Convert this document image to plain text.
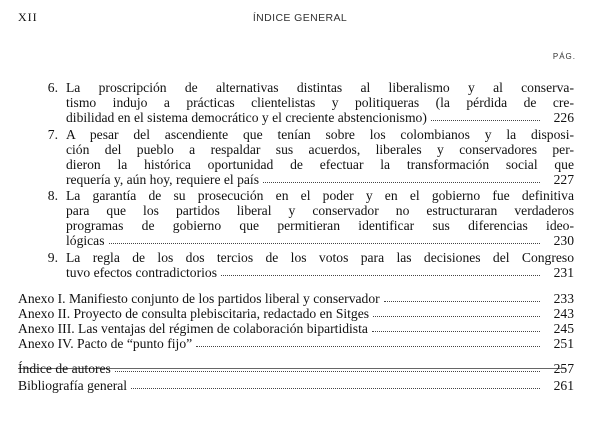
XII	ÍNDICE GENERAL
PÁG.
6. La proscripción de alternativas distintas al liberalismo y al conserva-
tismo indujo a prácticas clientelistas y politiqueras (la pérdida de cre-
dibilidad en el sistema democrático y el creciente abstencionismo)	226
7. A pesar del ascendiente que tenían sobre los colombianos y la disposi-
ción del pueblo a respaldar sus acuerdos, liberales y conservadores per-
dieron la histórica oportunidad de efectuar la transformación social que
requería y, aún hoy, requiere el país	227
8. La garantía de su prosecución en el poder y en el gobierno fue definitiva
para que los partidos liberal y conservador no estructuraran verdaderos
programas de gobierno que permitieran identificar sus diferencias ideo-
lógicas	230
9. La regla de los dos tercios de los votos para las decisiones del Congreso
tuvo efectos contradictorios	231
Anexo I. Manifiesto conjunto de los partidos liberal y conservador	233
Anexo II. Proyecto de consulta plebiscitaria, redactado en Sitges	243
Anexo III. Las ventajas del régimen de colaboración bipartidista	245
Anexo IV. Pacto de “punto fijo”	251
Índice de autores	257
Bibliografía general	261
